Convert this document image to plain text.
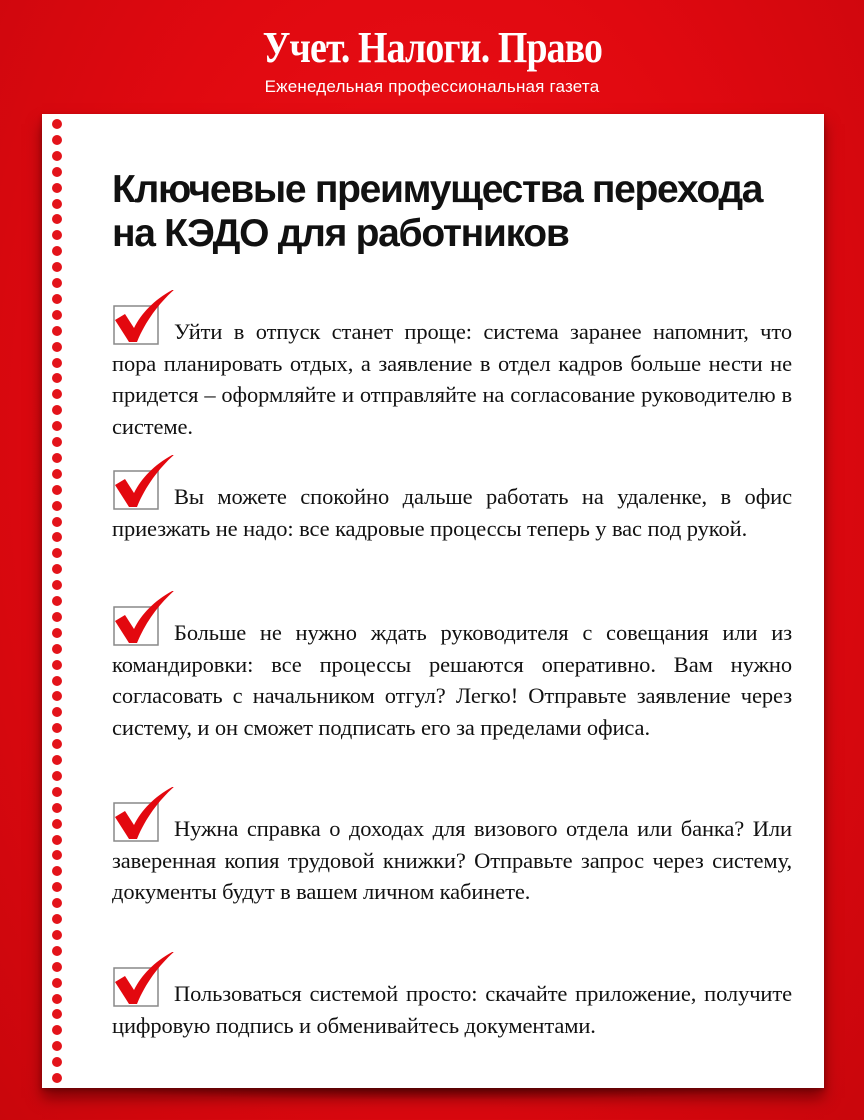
Учет. Налоги. Право
Еженедельная профессиональная газета
Ключевые преимущества перехода на КЭДО для работников

Уйти в отпуск станет проще: система заранее напомнит, что пора планировать отдых, а заявление в отдел кадров больше нести не придется – оформляйте и отправляйте на согласование руководителю в системе.

Вы можете спокойно дальше работать на удаленке, в офис приезжать не надо: все кадровые процессы теперь у вас под рукой.

Больше не нужно ждать руководителя с совещания или из командировки: все процессы решаются оперативно. Вам нужно согласовать с начальником отгул? Легко! Отправьте заявление через систему, и он сможет подписать его за пределами офиса.

Нужна справка о доходах для визового отдела или банка? Или заверенная копия трудовой книжки? Отправьте запрос через систему, документы будут в вашем личном кабинете.

Пользоваться системой просто: скачайте приложение, получите цифровую подпись и обменивайтесь документами.
